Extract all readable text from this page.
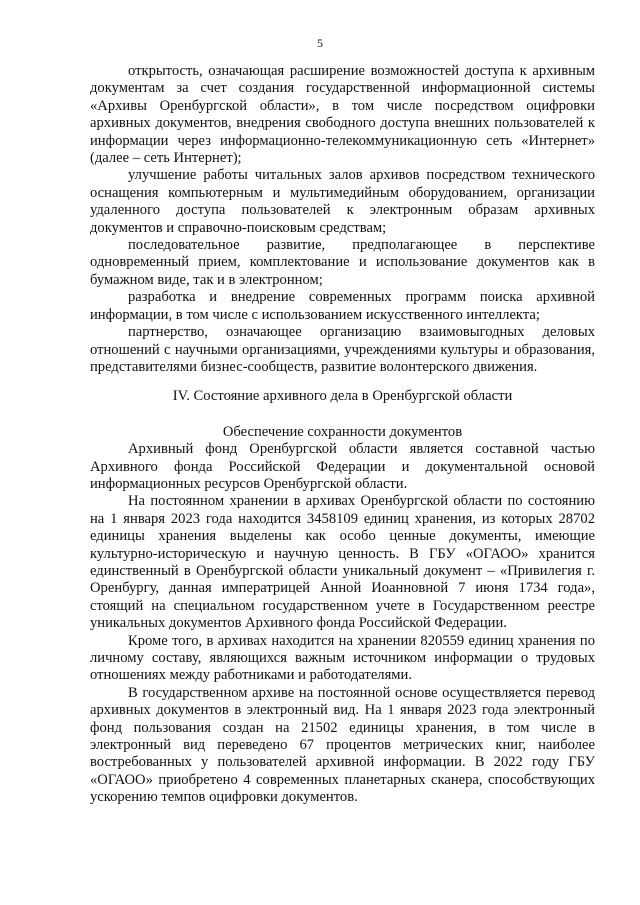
5

открытость, означающая расширение возможностей доступа к архивным документам за счет создания государственной информационной системы «Архивы Оренбургской области», в том числе посредством оцифровки архивных документов, внедрения свободного доступа внешних пользователей к информации через информационно-телекоммуникационную сеть «Интернет» (далее – сеть Интернет);

улучшение работы читальных залов архивов посредством технического оснащения компьютерным и мультимедийным оборудованием, организации удаленного доступа пользователей к электронным образам архивных документов и справочно-поисковым средствам;

последовательное развитие, предполагающее в перспективе одновременный прием, комплектование и использование документов как в бумажном виде, так и в электронном;

разработка и внедрение современных программ поиска архивной информации, в том числе с использованием искусственного интеллекта;

партнерство, означающее организацию взаимовыгодных деловых отношений с научными организациями, учреждениями культуры и образования, представителями бизнес-сообществ, развитие волонтерского движения.

IV. Состояние архивного дела в Оренбургской области

Обеспечение сохранности документов

Архивный фонд Оренбургской области является составной частью Архивного фонда Российской Федерации и документальной основой информационных ресурсов Оренбургской области.

На постоянном хранении в архивах Оренбургской области по состоянию на 1 января 2023 года находится 3458109 единиц хранения, из которых 28702 единицы хранения выделены как особо ценные документы, имеющие культурно-историческую и научную ценность. В ГБУ «ОГАОО» хранится единственный в Оренбургской области уникальный документ – «Привилегия г. Оренбургу, данная императрицей Анной Иоанновной 7 июня 1734 года», стоящий на специальном государственном учете в Государственном реестре уникальных документов Архивного фонда Российской Федерации.

Кроме того, в архивах находится на хранении 820559 единиц хранения по личному составу, являющихся важным источником информации о трудовых отношениях между работниками и работодателями.

В государственном архиве на постоянной основе осуществляется перевод архивных документов в электронный вид. На 1 января 2023 года электронный фонд пользования создан на 21502 единицы хранения, в том числе в электронный вид переведено 67 процентов метрических книг, наиболее востребованных у пользователей архивной информации. В 2022 году ГБУ «ОГАОО» приобретено 4 современных планетарных сканера, способствующих ускорению темпов оцифровки документов.
